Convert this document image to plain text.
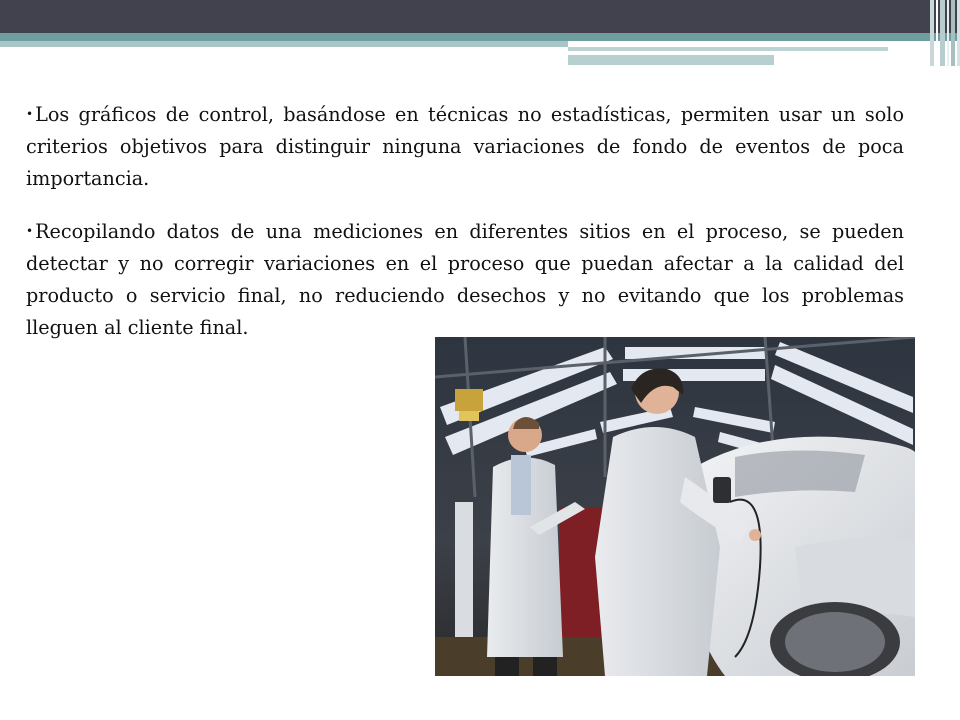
• Los gráficos de control, basándose en técnicas no estadísticas, permiten usar un solo criterios objetivos para distinguir ninguna variaciones de fondo de eventos de poca importancia.

• Recopilando datos de una mediciones en diferentes sitios en el proceso, se pueden detectar y no corregir variaciones en el proceso que puedan afectar a la calidad del producto o servicio final, no reduciendo desechos y no evitando que los problemas lleguen al cliente final.
